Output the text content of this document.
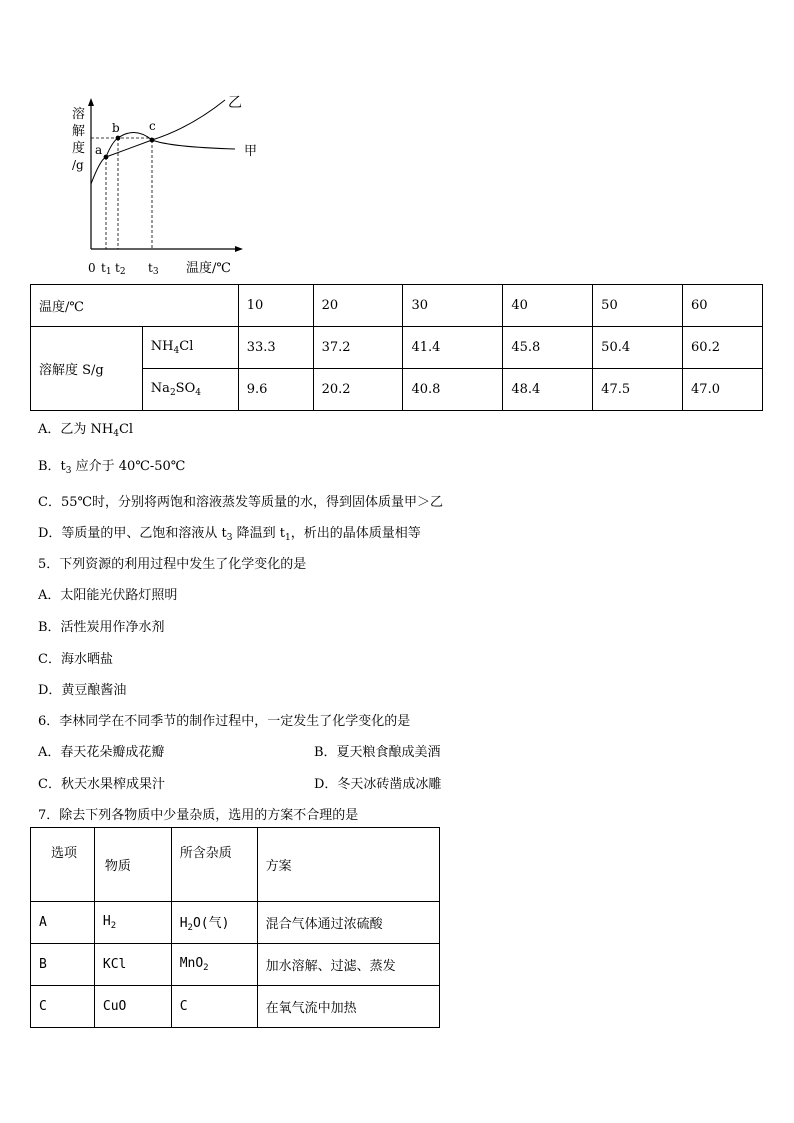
溶
解
度
/g
0 t1 t2 t3 温度/℃
a
b c
乙
甲
温度/℃		10	20	30	40	50	60
溶解度 S/g	$NH_4Cl$	33.3	37.2	41.4	45.8	50.4	60.2
	$Na_2SO_4$	9.6	20.2	40.8	48.4	47.5	47.0
A．乙为 $NH_4Cl$
B．$t_3$ 应介于 40℃-50℃
C．55℃时，分别将两饱和溶液蒸发等质量的水，得到固体质量甲＞乙
D．等质量的甲、乙饱和溶液从 $t_3$ 降温到 $t_1$，析出的晶体质量相等
5．下列资源的利用过程中发生了化学变化的是
A．太阳能光伏路灯照明
B．活性炭用作净水剂
C．海水晒盐
D．黄豆酿酱油
6．李林同学在不同季节的制作过程中，一定发生了化学变化的是
A．春天花朵瓣成花瓣	B．夏天粮食酿成美酒
C．秋天水果榨成果汁	D．冬天冰砖凿成冰雕
7．除去下列各物质中少量杂质，选用的方案不合理的是
选项	物质	所含杂质	方案
A	$H_2$	$H_2O$(气)	混合气体通过浓硫酸
B	KCl	MnO$_2$	加水溶解、过滤、蒸发
C	CuO	C	在氧气流中加热
